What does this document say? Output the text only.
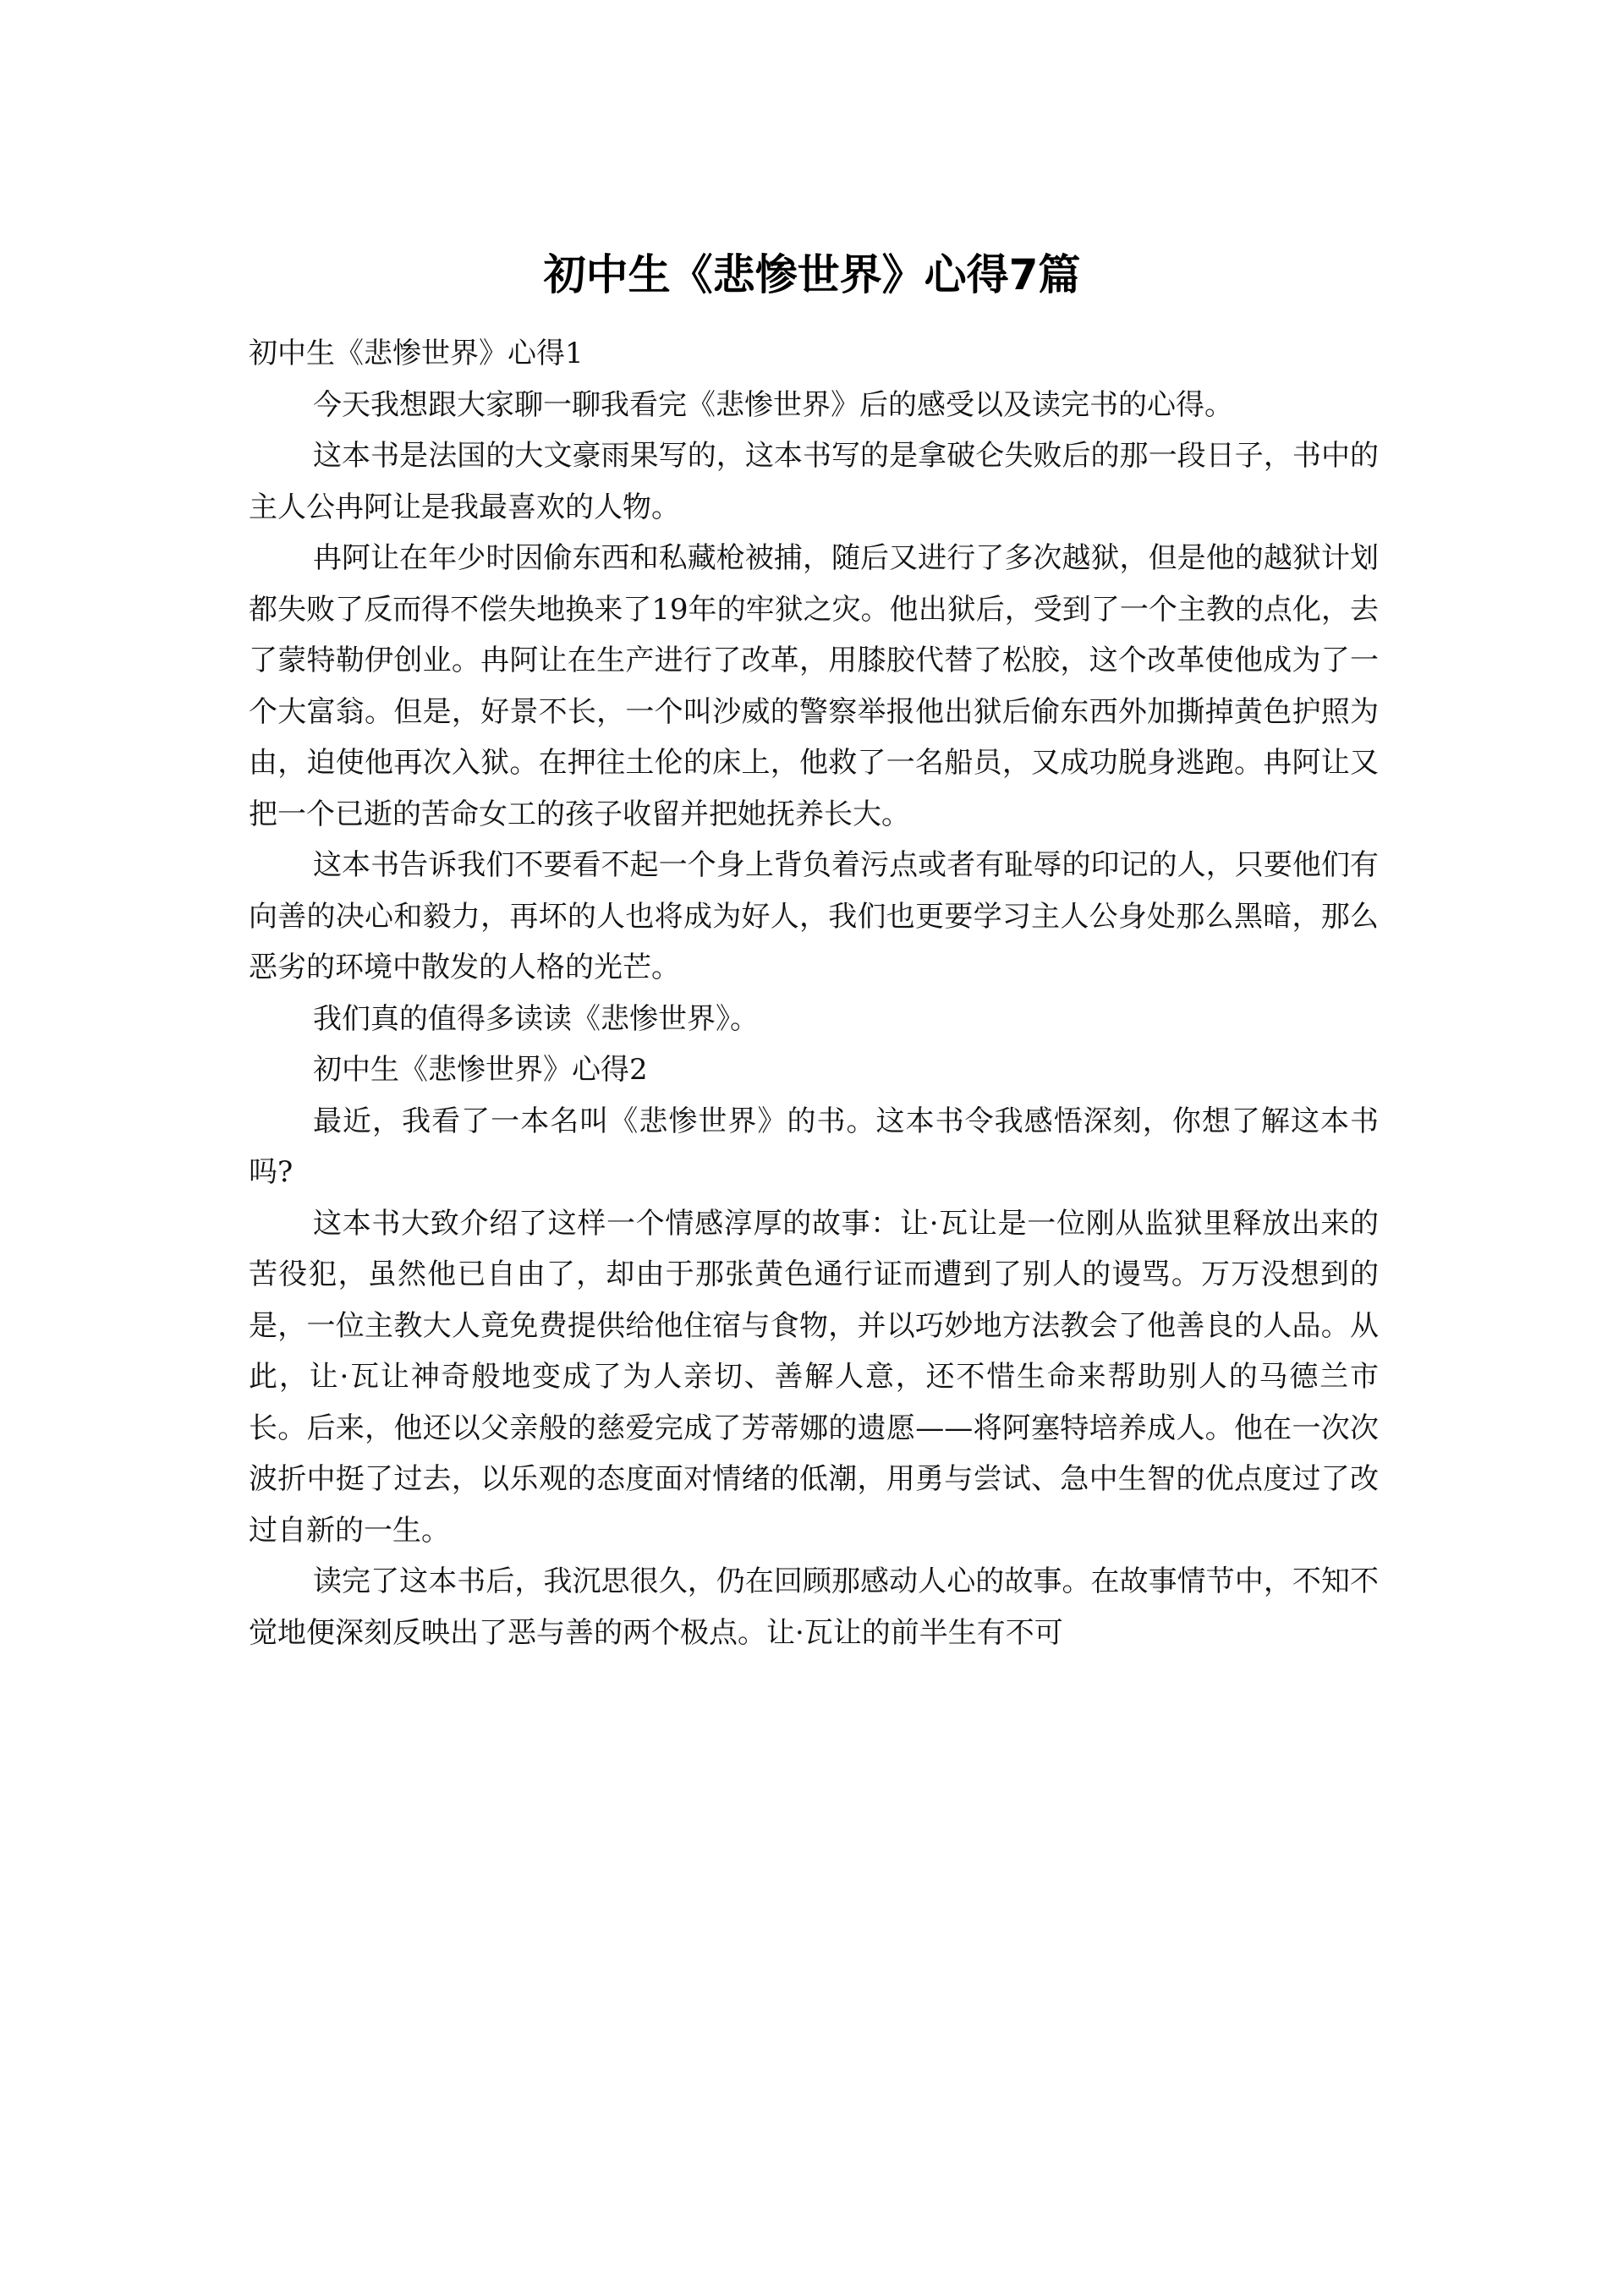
初中生《悲惨世界》心得7篇

初中生《悲惨世界》心得1

今天我想跟大家聊一聊我看完《悲惨世界》后的感受以及读完书的心得。

这本书是法国的大文豪雨果写的，这本书写的是拿破仑失败后的那一段日子，书中的主人公冉阿让是我最喜欢的人物。

冉阿让在年少时因偷东西和私藏枪被捕，随后又进行了多次越狱，但是他的越狱计划都失败了反而得不偿失地换来了19年的牢狱之灾。他出狱后，受到了一个主教的点化，去了蒙特勒伊创业。冉阿让在生产进行了改革，用膝胶代替了松胶，这个改革使他成为了一个大富翁。但是，好景不长，一个叫沙威的警察举报他出狱后偷东西外加撕掉黄色护照为由，迫使他再次入狱。在押往土伦的床上，他救了一名船员，又成功脱身逃跑。冉阿让又把一个已逝的苦命女工的孩子收留并把她抚养长大。

这本书告诉我们不要看不起一个身上背负着污点或者有耻辱的印记的人，只要他们有向善的决心和毅力，再坏的人也将成为好人，我们也更要学习主人公身处那么黑暗，那么恶劣的环境中散发的人格的光芒。

我们真的值得多读读《悲惨世界》。

初中生《悲惨世界》心得2

最近，我看了一本名叫《悲惨世界》的书。这本书令我感悟深刻，你想了解这本书吗?

这本书大致介绍了这样一个情感淳厚的故事：让·瓦让是一位刚从监狱里释放出来的苦役犯，虽然他已自由了，却由于那张黄色通行证而遭到了别人的谩骂。万万没想到的是，一位主教大人竟免费提供给他住宿与食物，并以巧妙地方法教会了他善良的人品。从此，让·瓦让神奇般地变成了为人亲切、善解人意，还不惜生命来帮助别人的马德兰市长。后来，他还以父亲般的慈爱完成了芳蒂娜的遗愿——将阿塞特培养成人。他在一次次波折中挺了过去，以乐观的态度面对情绪的低潮，用勇与尝试、急中生智的优点度过了改过自新的一生。

读完了这本书后，我沉思很久，仍在回顾那感动人心的故事。在故事情节中，不知不觉地便深刻反映出了恶与善的两个极点。让·瓦让的前半生有不可
